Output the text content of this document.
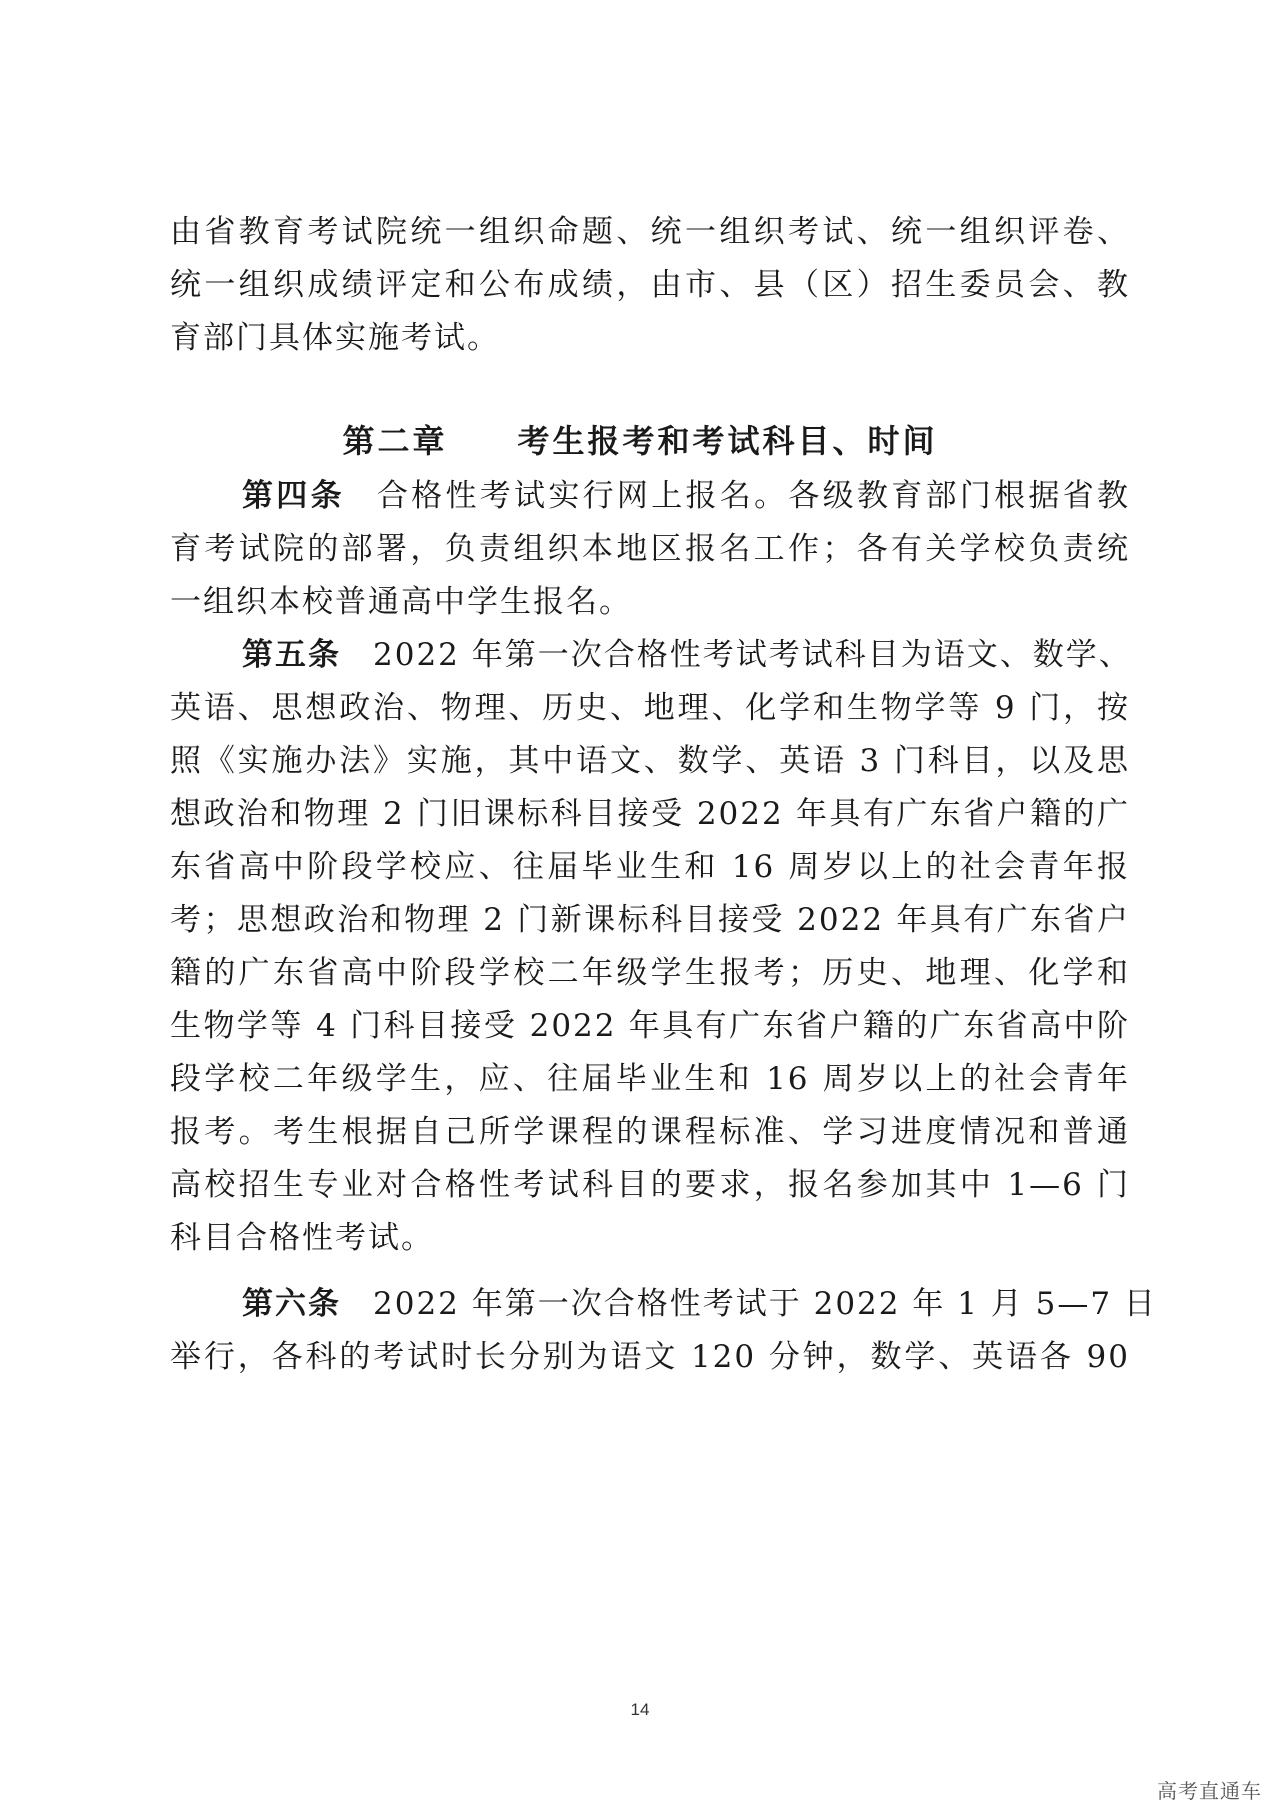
由省教育考试院统一组织命题、统一组织考试、统一组织评卷、
统一组织成绩评定和公布成绩，由市、县（区）招生委员会、教
育部门具体实施考试。
第二章　　考生报考和考试科目、时间
第四条 合格性考试实行网上报名。各级教育部门根据省教
育考试院的部署，负责组织本地区报名工作；各有关学校负责统
一组织本校普通高中学生报名。
第五条 2022 年第一次合格性考试考试科目为语文、数学、
英语、思想政治、物理、历史、地理、化学和生物学等 9 门，按
照《实施办法》实施，其中语文、数学、英语 3 门科目，以及思
想政治和物理 2 门旧课标科目接受 2022 年具有广东省户籍的广
东省高中阶段学校应、往届毕业生和 16 周岁以上的社会青年报
考；思想政治和物理 2 门新课标科目接受 2022 年具有广东省户
籍的广东省高中阶段学校二年级学生报考；历史、地理、化学和
生物学等 4 门科目接受 2022 年具有广东省户籍的广东省高中阶
段学校二年级学生，应、往届毕业生和 16 周岁以上的社会青年
报考。考生根据自己所学课程的课程标准、学习进度情况和普通
高校招生专业对合格性考试科目的要求，报名参加其中 1—6 门
科目合格性考试。
第六条 2022 年第一次合格性考试于 2022 年 1 月 5—7 日
举行，各科的考试时长分别为语文 120 分钟，数学、英语各 90
14
高考直通车
